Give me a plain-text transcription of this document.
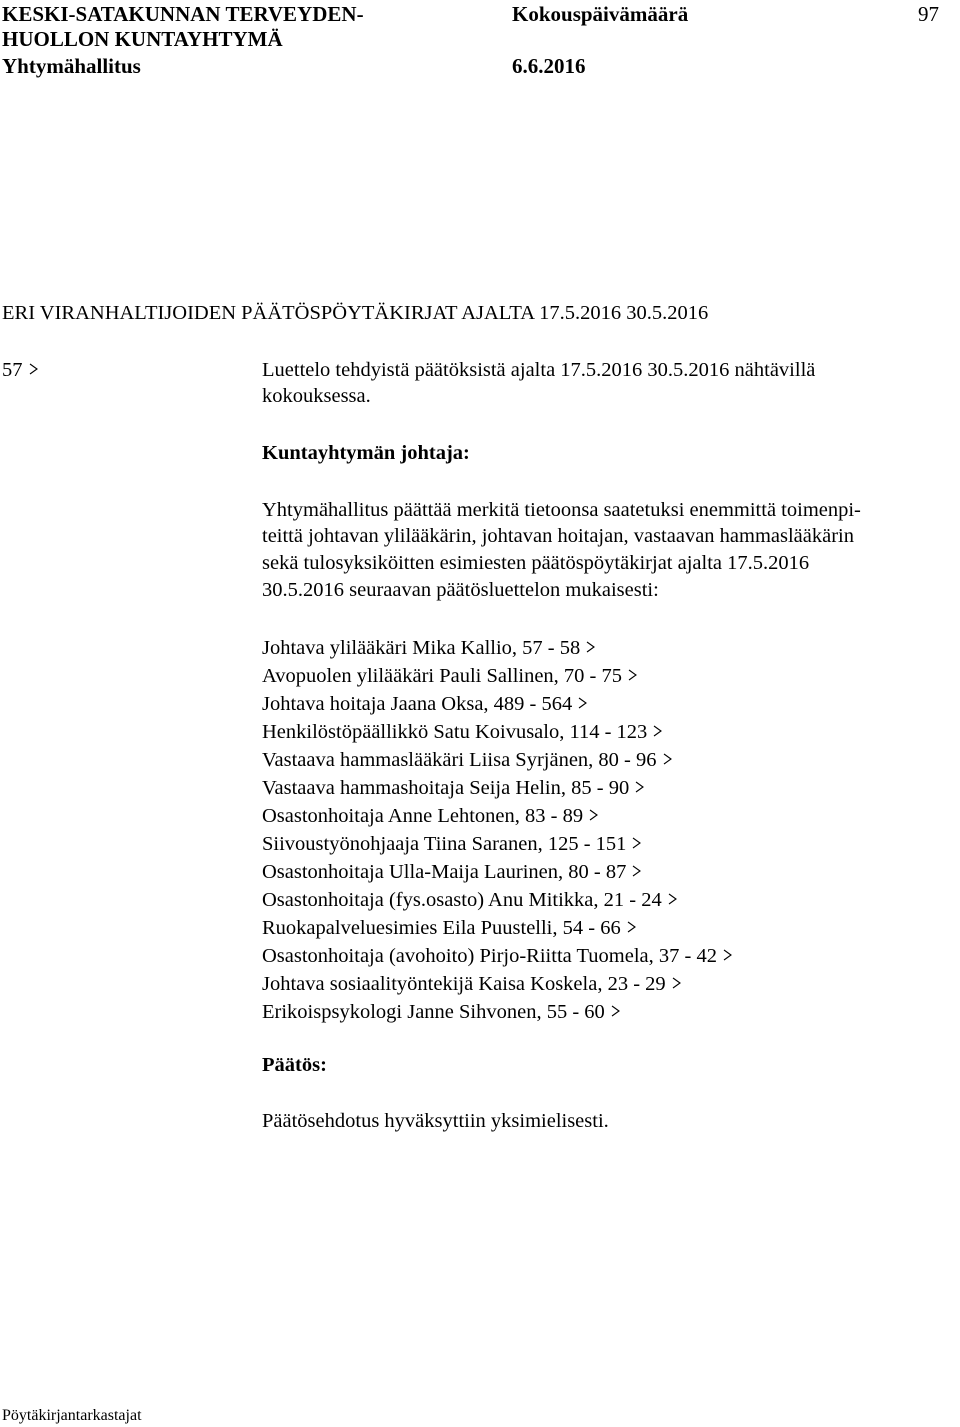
KESKI-SATAKUNNAN TERVEYDEN-
HUOLLON KUNTAYHTYMÄ
Yhtymähallitus
Kokouspäivämäärä
6.6.2016
97
ERI VIRANHALTIJOIDEN PÄÄTÖSPÖYTÄKIRJAT AJALTA 17.5.2016 30.5.2016
57	Luettelo tehdyistä päätöksistä ajalta 17.5.2016 30.5.2016 nähtävillä
kokouksessa.
Kuntayhtymän johtaja:
Yhtymähallitus päättää merkitä tietoonsa saatetuksi enemmittä toimenpi-
teittä johtavan ylilääkärin, johtavan hoitajan, vastaavan hammaslääkärin
sekä tulosyksiköitten esimiesten päätöspöytäkirjat ajalta 17.5.2016
30.5.2016 seuraavan päätösluettelon mukaisesti:
Johtava ylilääkäri Mika Kallio, 57 - 58
Avopuolen ylilääkäri Pauli Sallinen, 70 - 75
Johtava hoitaja Jaana Oksa, 489 - 564
Henkilöstöpäällikkö Satu Koivusalo, 114 - 123
Vastaava hammaslääkäri Liisa Syrjänen, 80 - 96
Vastaava hammashoitaja Seija Helin, 85 - 90
Osastonhoitaja Anne Lehtonen, 83 - 89
Siivoustyönohjaaja Tiina Saranen, 125 - 151
Osastonhoitaja Ulla-Maija Laurinen, 80 - 87
Osastonhoitaja (fys.osasto) Anu Mitikka, 21 - 24
Ruokapalveluesimies Eila Puustelli, 54 - 66
Osastonhoitaja (avohoito) Pirjo-Riitta Tuomela, 37 - 42
Johtava sosiaalityöntekijä Kaisa Koskela, 23 - 29
Erikoispsykologi Janne Sihvonen, 55 - 60
Päätös:
Päätösehdotus hyväksyttiin yksimielisesti.
Pöytäkirjantarkastajat
